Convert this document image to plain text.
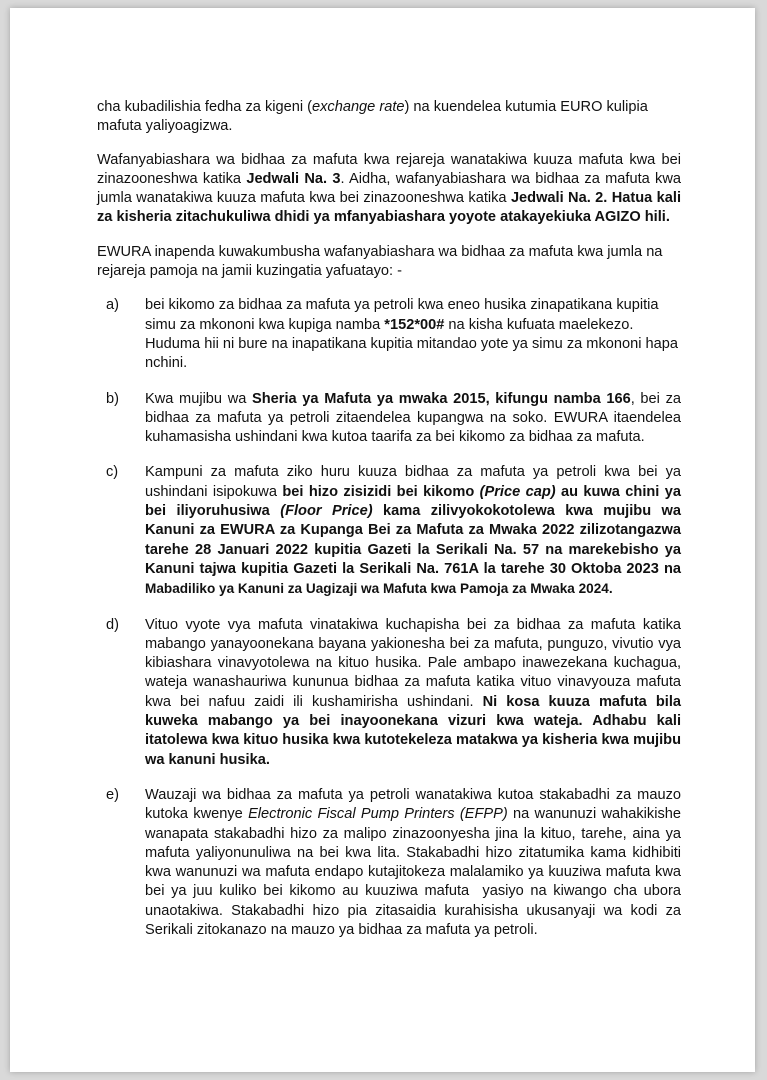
cha kubadilishia fedha za kigeni (exchange rate) na kuendelea kutumia EURO kulipia mafuta yaliyoagizwa.

Wafanyabiashara wa bidhaa za mafuta kwa rejareja wanatakiwa kuuza mafuta kwa bei zinazooneshwa katika Jedwali Na. 3. Aidha, wafanyabiashara wa bidhaa za mafuta kwa jumla wanatakiwa kuuza mafuta kwa bei zinazooneshwa katika Jedwali Na. 2. Hatua kali za kisheria zitachukuliwa dhidi ya mfanyabiashara yoyote atakayekiuka AGIZO hili.

EWURA inapenda kuwakumbusha wafanyabiashara wa bidhaa za mafuta kwa jumla na rejareja pamoja na jamii kuzingatia yafuatayo: -

a) bei kikomo za bidhaa za mafuta ya petroli kwa eneo husika zinapatikana kupitia simu za mkononi kwa kupiga namba *152*00# na kisha kufuata maelekezo. Huduma hii ni bure na inapatikana kupitia mitandao yote ya simu za mkononi hapa nchini.

b) Kwa mujibu wa Sheria ya Mafuta ya mwaka 2015, kifungu namba 166, bei za bidhaa za mafuta ya petroli zitaendelea kupangwa na soko. EWURA itaendelea kuhamasisha ushindani kwa kutoa taarifa za bei kikomo za bidhaa za mafuta.

c) Kampuni za mafuta ziko huru kuuza bidhaa za mafuta ya petroli kwa bei ya ushindani isipokuwa bei hizo zisizidi bei kikomo (Price cap) au kuwa chini ya bei iliyoruhusiwa (Floor Price) kama zilivyokokotolewa kwa mujibu wa Kanuni za EWURA za Kupanga Bei za Mafuta za Mwaka 2022 zilizotangazwa tarehe 28 Januari 2022 kupitia Gazeti la Serikali Na. 57 na marekebisho ya Kanuni tajwa kupitia Gazeti la Serikali Na. 761A la tarehe 30 Oktoba 2023 na Mabadiliko ya Kanuni za Uagizaji wa Mafuta kwa Pamoja za Mwaka 2024.

d) Vituo vyote vya mafuta vinatakiwa kuchapisha bei za bidhaa za mafuta katika mabango yanayoonekana bayana yakionesha bei za mafuta, punguzo, vivutio vya kibiashara vinavyotolewa na kituo husika. Pale ambapo inawezekana kuchagua, wateja wanashauriwa kununua bidhaa za mafuta katika vituo vinavyouza mafuta kwa bei nafuu zaidi ili kushamirisha ushindani. Ni kosa kuuza mafuta bila kuweka mabango ya bei inayoonekana vizuri kwa wateja. Adhabu kali itatolewa kwa kituo husika kwa kutotekeleza matakwa ya kisheria kwa mujibu wa kanuni husika.

e) Wauzaji wa bidhaa za mafuta ya petroli wanatakiwa kutoa stakabadhi za mauzo kutoka kwenye Electronic Fiscal Pump Printers (EFPP) na wanunuzi wahakikishe wanapata stakabadhi hizo za malipo zinazoonyesha jina la kituo, tarehe, aina ya mafuta yaliyonunuliwa na bei kwa lita. Stakabadhi hizo zitatumika kama kidhibiti kwa wanunuzi wa mafuta endapo kutajitokeza malalamiko ya kuuziwa mafuta kwa bei ya juu kuliko bei kikomo au kuuziwa mafuta  yasiyo na kiwango cha ubora unaotakiwa. Stakabadhi hizo pia zitasaidia kurahisisha ukusanyaji wa kodi za Serikali zitokanazo na mauzo ya bidhaa za mafuta ya petroli.
